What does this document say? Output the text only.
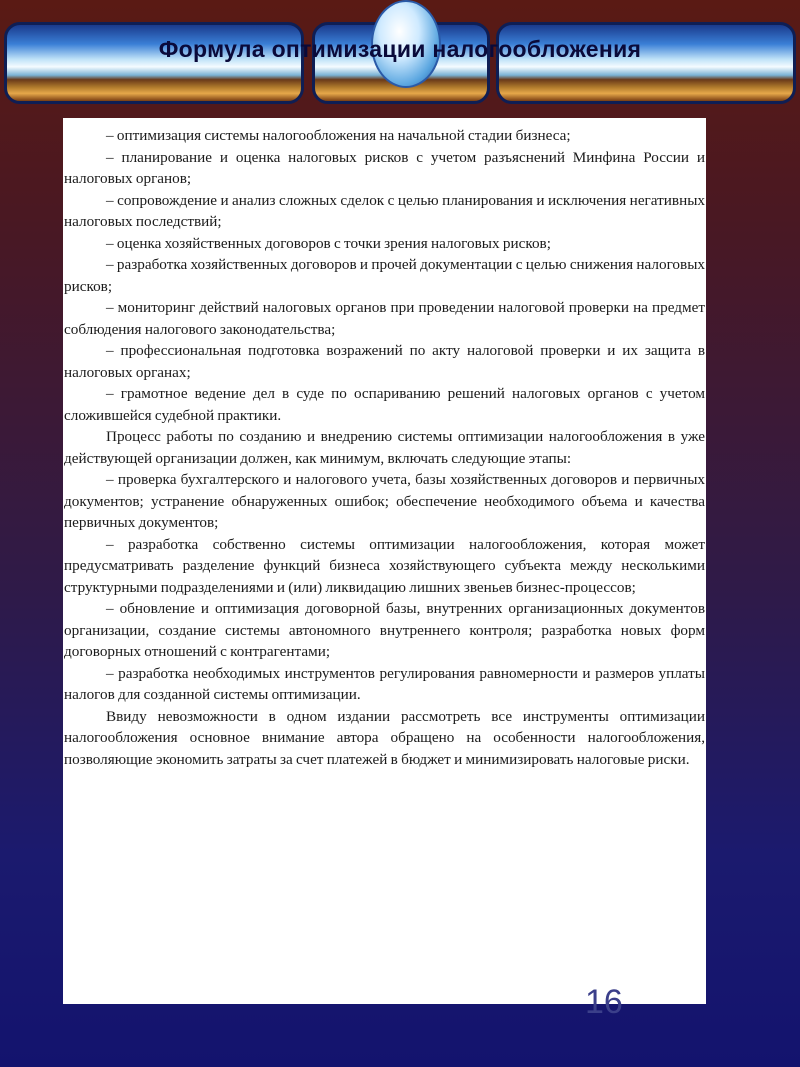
Формула оптимизации налогообложения

– оптимизация системы налогообложения на начальной стадии бизнеса;

– планирование и оценка налоговых рисков с учетом разъяснений Минфина России и налоговых органов;

– сопровождение и анализ сложных сделок с целью планирования и исключения негативных налоговых последствий;

– оценка хозяйственных договоров с точки зрения налоговых рисков;

– разработка хозяйственных договоров и прочей документации с целью снижения налоговых рисков;

– мониторинг действий налоговых органов при проведении налоговой проверки на предмет соблюдения налогового законодательства;

– профессиональная подготовка возражений по акту налоговой проверки и их защита в налоговых органах;

– грамотное ведение дел в суде по оспариванию решений налоговых органов с учетом сложившейся судебной практики.

Процесс работы по созданию и внедрению системы оптимизации налогообложения в уже действующей организации должен, как минимум, включать следующие этапы:

– проверка бухгалтерского и налогового учета, базы хозяйственных договоров и первичных документов; устранение обнаруженных ошибок; обеспечение необходимого объема и качества первичных документов;

– разработка собственно системы оптимизации налогообложения, которая может предусматривать разделение функций бизнеса хозяйствующего субъекта между несколькими структурными подразделениями и (или) ликвидацию лишних звеньев бизнес-процессов;

– обновление и оптимизация договорной базы, внутренних организационных документов организации, создание системы автономного внутреннего контроля; разработка новых форм договорных отношений с контрагентами;

– разработка необходимых инструментов регулирования равномерности и размеров уплаты налогов для созданной системы оптимизации.

Ввиду невозможности в одном издании рассмотреть все инструменты оптимизации налогообложения основное внимание автора обращено на особенности налогообложения, позволяющие экономить затраты за счет платежей в бюджет и минимизировать налоговые риски.

16
